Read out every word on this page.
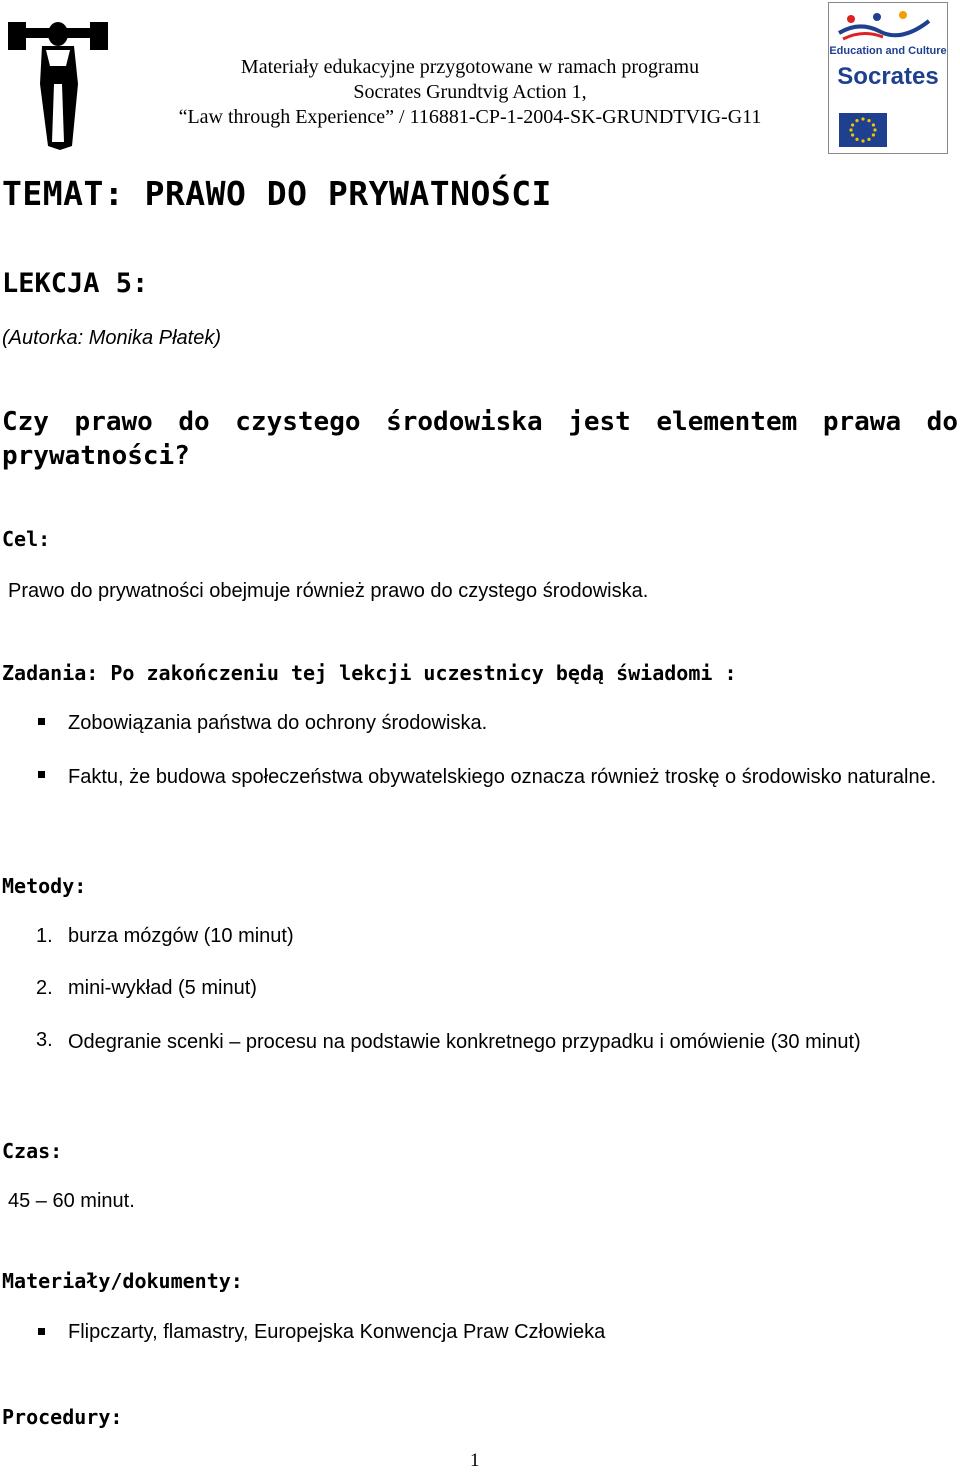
Materiały edukacyjne przygotowane w ramach programu
Socrates Grundtvig Action 1,
“Law through Experience” / 116881-CP-1-2004-SK-GRUNDTVIG-G11
Education and Culture
Socrates
TEMAT: PRAWO DO PRYWATNOŚCI
LEKCJA 5:
(Autorka: Monika Płatek)
Czy prawo do czystego środowiska jest elementem prawa do prywatności?
Cel:
Prawo do prywatności obejmuje również prawo do czystego środowiska.
Zadania: Po zakończeniu tej lekcji uczestnicy będą świadomi :
Zobowiązania państwa do ochrony środowiska.
Faktu, że budowa społeczeństwa obywatelskiego oznacza również troskę o środowisko naturalne.
Metody:
1. burza mózgów (10 minut)
2. mini-wykład (5 minut)
3. Odegranie scenki – procesu na podstawie konkretnego przypadku i omówienie (30 minut)
Czas:
45 – 60 minut.
Materiały/dokumenty:
Flipczarty, flamastry, Europejska Konwencja Praw Człowieka
Procedury:
1
